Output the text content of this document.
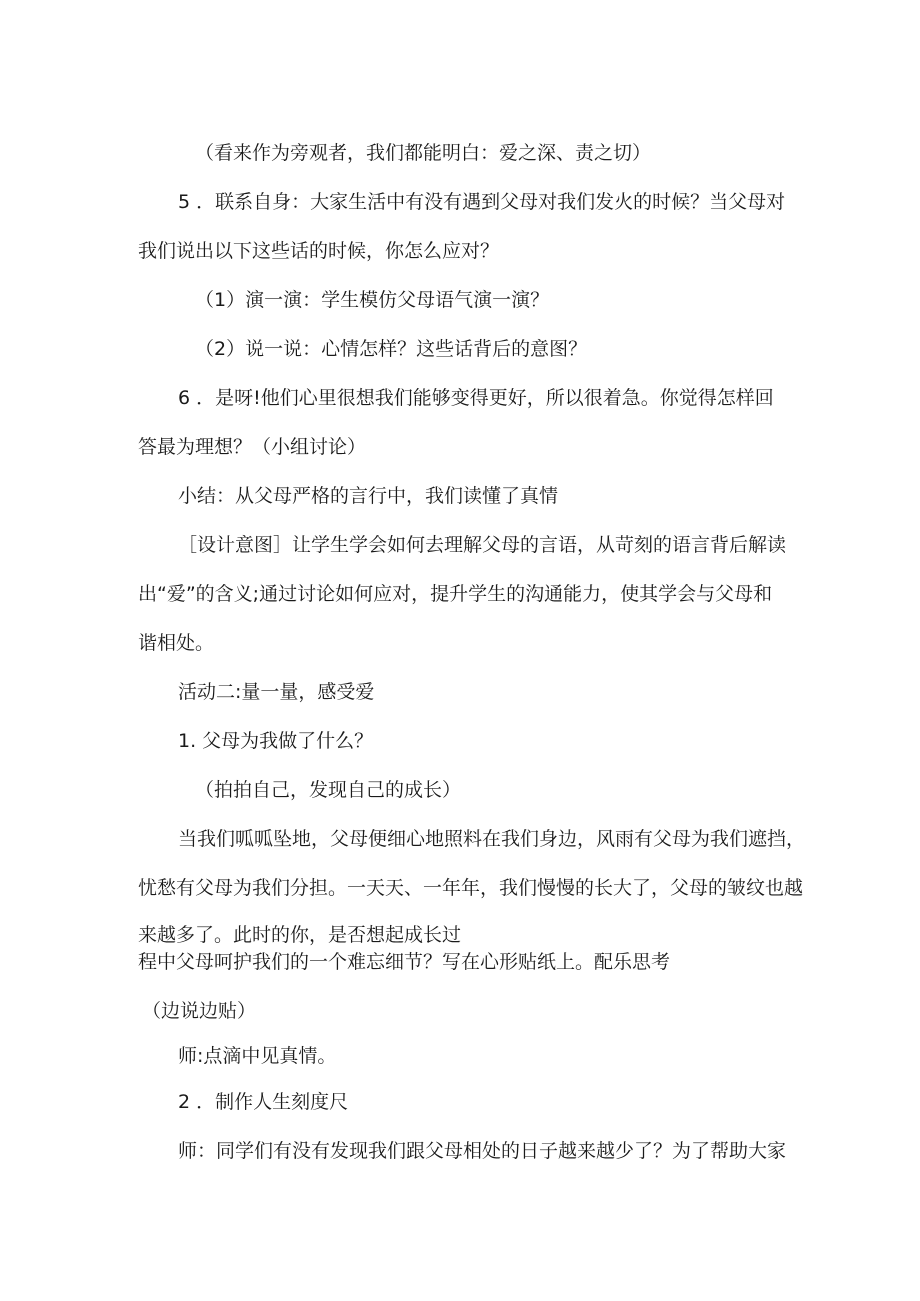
（看来作为旁观者，我们都能明白：爱之深、责之切）

5 ．联系自身：大家生活中有没有遇到父母对我们发火的时候？当父母对

我们说出以下这些话的时候，你怎么应对？

（1）演一演：学生模仿父母语气演一演？

（2）说一说：心情怎样？这些话背后的意图？

6 ．是呀!他们心里很想我们能够变得更好，所以很着急。你觉得怎样回

答最为理想？（小组讨论）

小结：从父母严格的言行中，我们读懂了真情

［设计意图］让学生学会如何去理解父母的言语，从苛刻的语言背后解读

出“爱”的含义;通过讨论如何应对，提升学生的沟通能力，使其学会与父母和

谐相处。

活动二:量一量，感受爱

1. 父母为我做了什么？

（拍拍自己，发现自己的成长）

当我们呱呱坠地，父母便细心地照料在我们身边，风雨有父母为我们遮挡，

忧愁有父母为我们分担。一天天、一年年，我们慢慢的长大了，父母的皱纹也越

来越多了。此时的你，是否想起成长过

程中父母呵护我们的一个难忘细节？写在心形贴纸上。配乐思考

（边说边贴）

师:点滴中见真情。

2 ．制作人生刻度尺

师：同学们有没有发现我们跟父母相处的日子越来越少了？为了帮助大家
